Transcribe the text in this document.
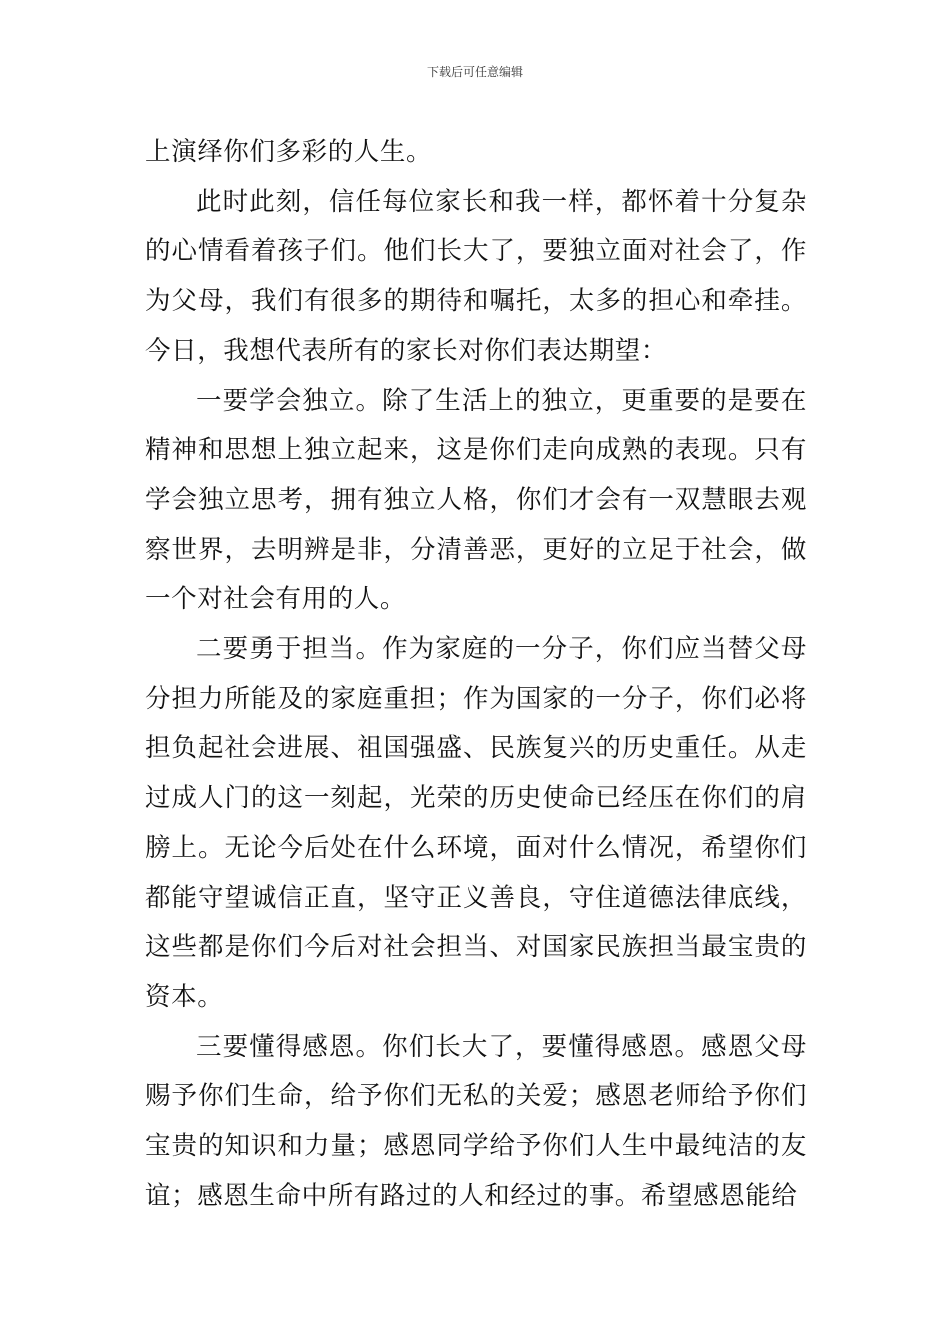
下载后可任意编辑

上演绎你们多彩的人生。

此时此刻，信任每位家长和我一样，都怀着十分复杂的心情看着孩子们。他们长大了，要独立面对社会了，作为父母，我们有很多的期待和嘱托，太多的担心和牵挂。今日，我想代表所有的家长对你们表达期望：

一要学会独立。除了生活上的独立，更重要的是要在精神和思想上独立起来，这是你们走向成熟的表现。只有学会独立思考，拥有独立人格，你们才会有一双慧眼去观察世界，去明辨是非，分清善恶，更好的立足于社会，做一个对社会有用的人。

二要勇于担当。作为家庭的一分子，你们应当替父母分担力所能及的家庭重担；作为国家的一分子，你们必将担负起社会进展、祖国强盛、民族复兴的历史重任。从走过成人门的这一刻起，光荣的历史使命已经压在你们的肩膀上。无论今后处在什么环境，面对什么情况，希望你们都能守望诚信正直，坚守正义善良，守住道德法律底线，这些都是你们今后对社会担当、对国家民族担当最宝贵的资本。

三要懂得感恩。你们长大了，要懂得感恩。感恩父母赐予你们生命，给予你们无私的关爱；感恩老师给予你们宝贵的知识和力量；感恩同学给予你们人生中最纯洁的友谊；感恩生命中所有路过的人和经过的事。希望感恩能给
